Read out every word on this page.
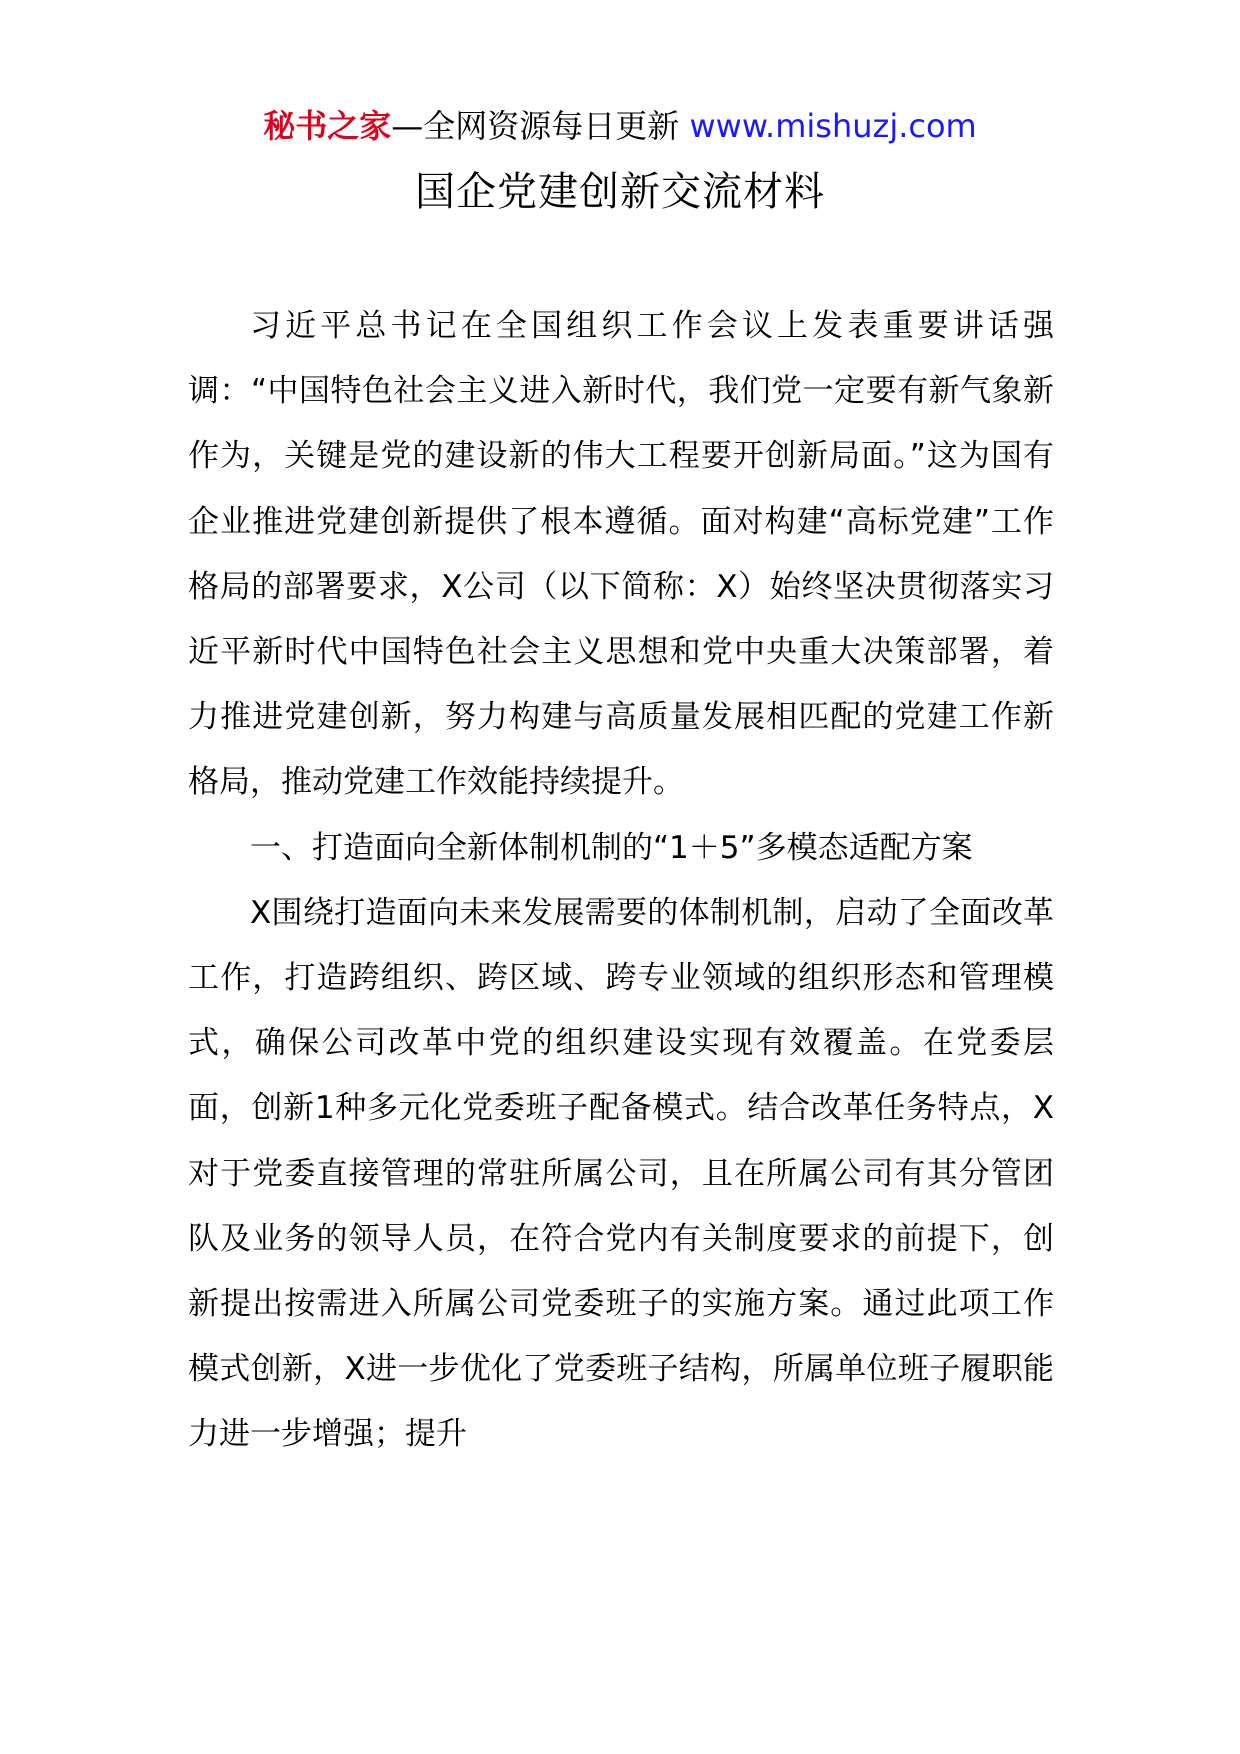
秘书之家—全网资源每日更新 www.mishuzj.com
国企党建创新交流材料

习近平总书记在全国组织工作会议上发表重要讲话强调：“中国特色社会主义进入新时代，我们党一定要有新气象新作为，关键是党的建设新的伟大工程要开创新局面。”这为国有企业推进党建创新提供了根本遵循。面对构建“高标党建”工作格局的部署要求，X公司（以下简称：X）始终坚决贯彻落实习近平新时代中国特色社会主义思想和党中央重大决策部署，着力推进党建创新，努力构建与高质量发展相匹配的党建工作新格局，推动党建工作效能持续提升。

一、打造面向全新体制机制的“1＋5”多模态适配方案

X围绕打造面向未来发展需要的体制机制，启动了全面改革工作，打造跨组织、跨区域、跨专业领域的组织形态和管理模式，确保公司改革中党的组织建设实现有效覆盖。在党委层面，创新1种多元化党委班子配备模式。结合改革任务特点，X对于党委直接管理的常驻所属公司，且在所属公司有其分管团队及业务的领导人员，在符合党内有关制度要求的前提下，创新提出按需进入所属公司党委班子的实施方案。通过此项工作模式创新，X进一步优化了党委班子结构，所属单位班子履职能力进一步增强；提升
